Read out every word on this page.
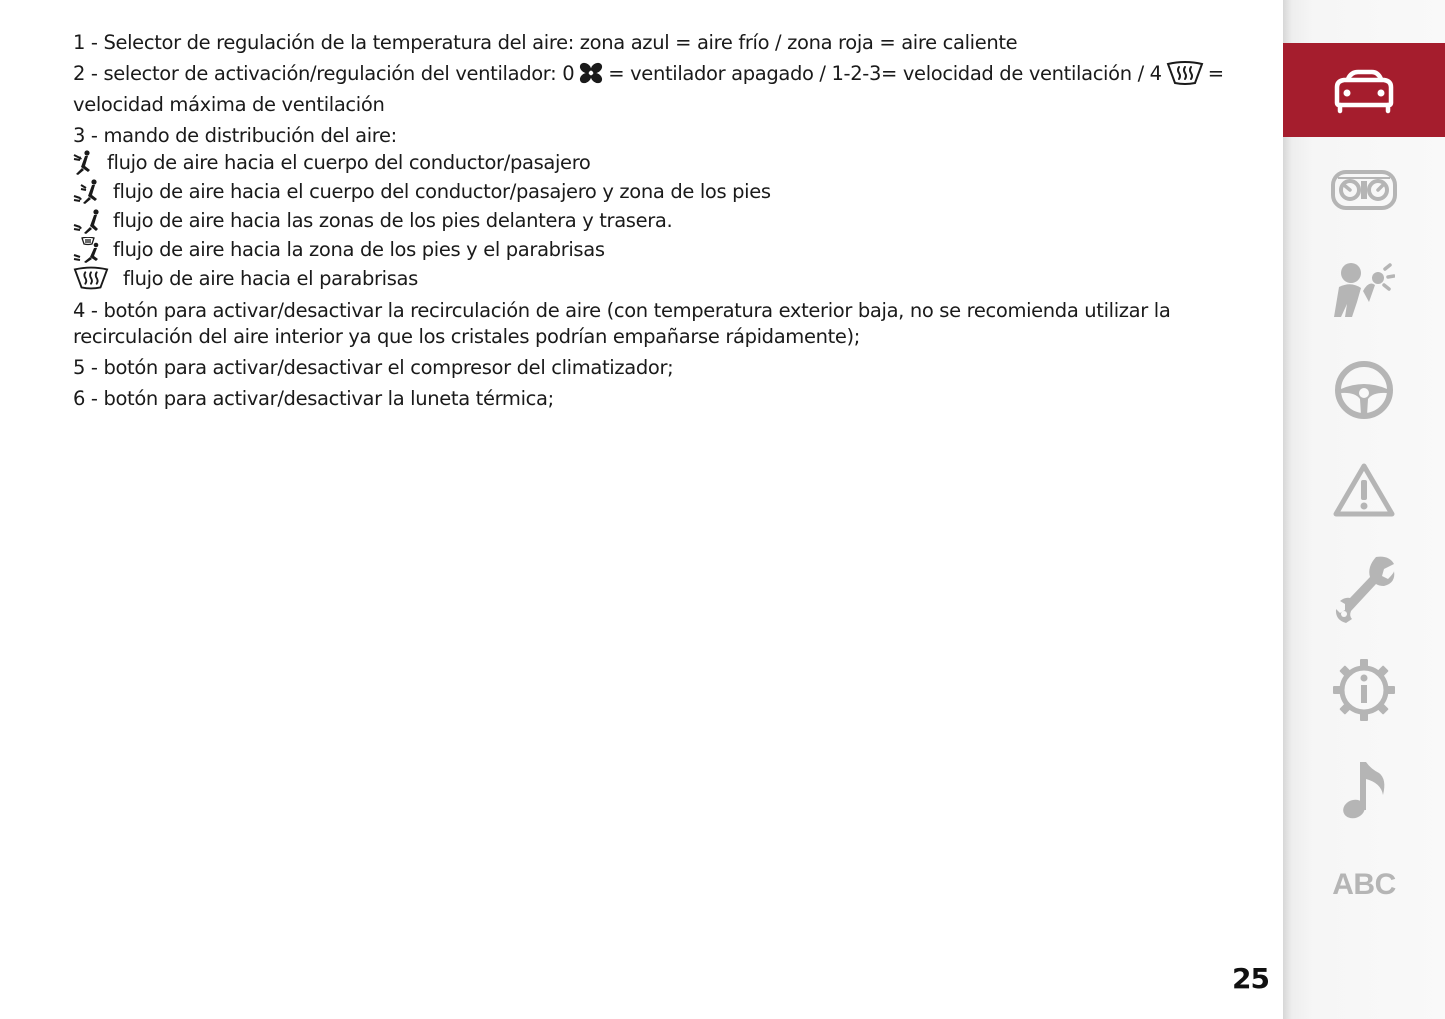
1 - Selector de regulación de la temperatura del aire: zona azul = aire frío / zona roja = aire caliente

2 - selector de activación/regulación del ventilador: 0 = ventilador apagado / 1-2-3= velocidad de ventilación / 4 = velocidad máxima de ventilación

3 - mando de distribución del aire:

flujo de aire hacia el cuerpo del conductor/pasajero
flujo de aire hacia el cuerpo del conductor/pasajero y zona de los pies
flujo de aire hacia las zonas de los pies delantera y trasera.
flujo de aire hacia la zona de los pies y el parabrisas
flujo de aire hacia el parabrisas

4 - botón para activar/desactivar la recirculación de aire (con temperatura exterior baja, no se recomienda utilizar la recirculación del aire interior ya que los cristales podrían empañarse rápidamente);

5 - botón para activar/desactivar el compresor del climatizador;

6 - botón para activar/desactivar la luneta térmica;

25
ABC
